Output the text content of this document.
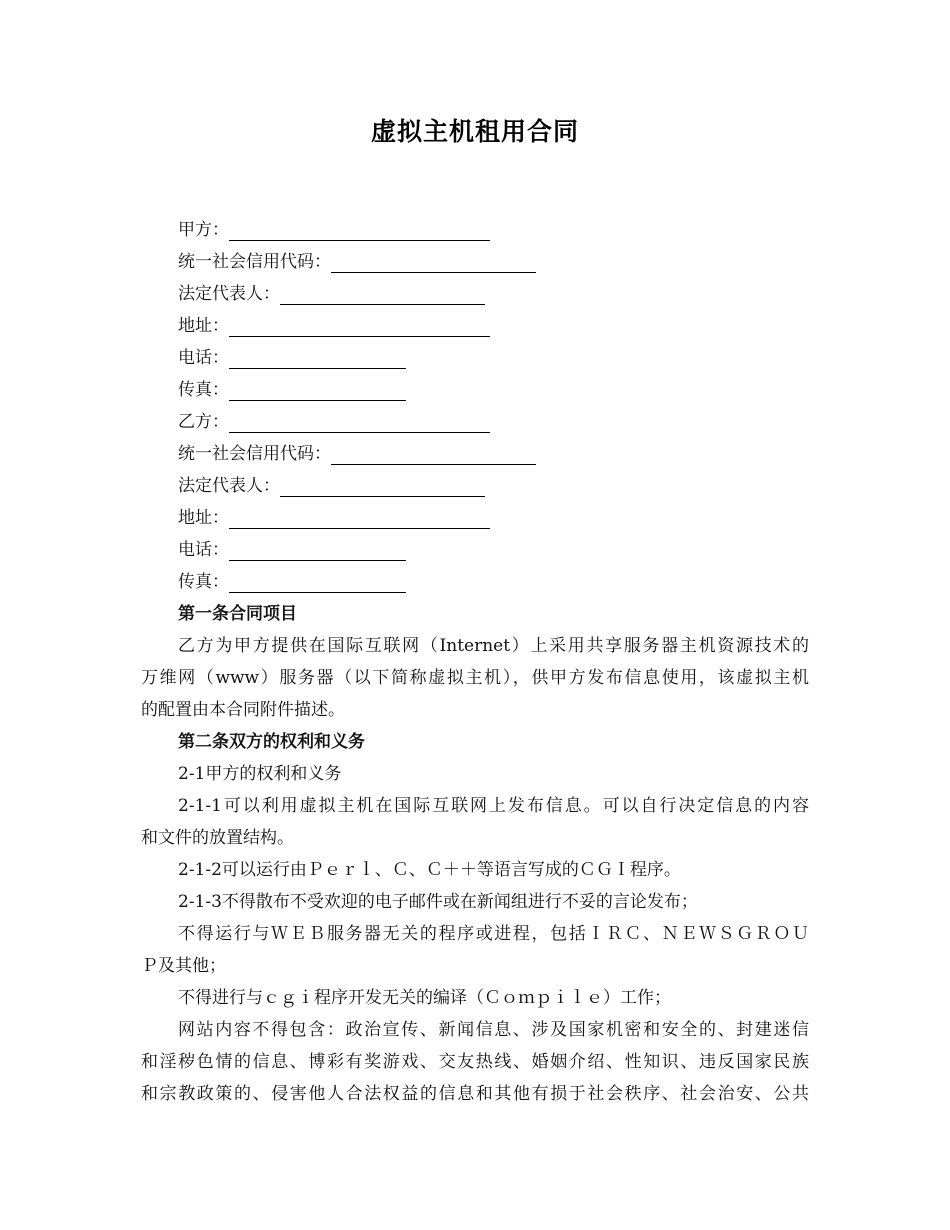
虚拟主机租用合同
甲方：
统一社会信用代码：
法定代表人：
地址：
电话：
传真：
乙方：
统一社会信用代码：
法定代表人：
地址：
电话：
传真：
第一条合同项目
乙方为甲方提供在国际互联网（Internet）上采用共享服务器主机资源技术的
万维网（www）服务器（以下简称虚拟主机），供甲方发布信息使用，该虚拟主机
的配置由本合同附件描述。
第二条双方的权利和义务
2-1甲方的权利和义务
2-1-1可以利用虚拟主机在国际互联网上发布信息。可以自行决定信息的内容
和文件的放置结构。
2-1-2可以运行由Ｐｅｒｌ、Ｃ、Ｃ＋＋等语言写成的ＣＧＩ程序。
2-1-3不得散布不受欢迎的电子邮件或在新闻组进行不妥的言论发布；
不得运行与ＷＥＢ服务器无关的程序或进程，包括ＩＲＣ、ＮＥＷＳＧＲＯＵ
Ｐ及其他；
不得进行与ｃｇｉ程序开发无关的编译（Ｃｏｍｐｉｌｅ）工作；
网站内容不得包含：政治宣传、新闻信息、涉及国家机密和安全的、封建迷信
和淫秽色情的信息、博彩有奖游戏、交友热线、婚姻介绍、性知识、违反国家民族
和宗教政策的、侵害他人合法权益的信息和其他有损于社会秩序、社会治安、公共
